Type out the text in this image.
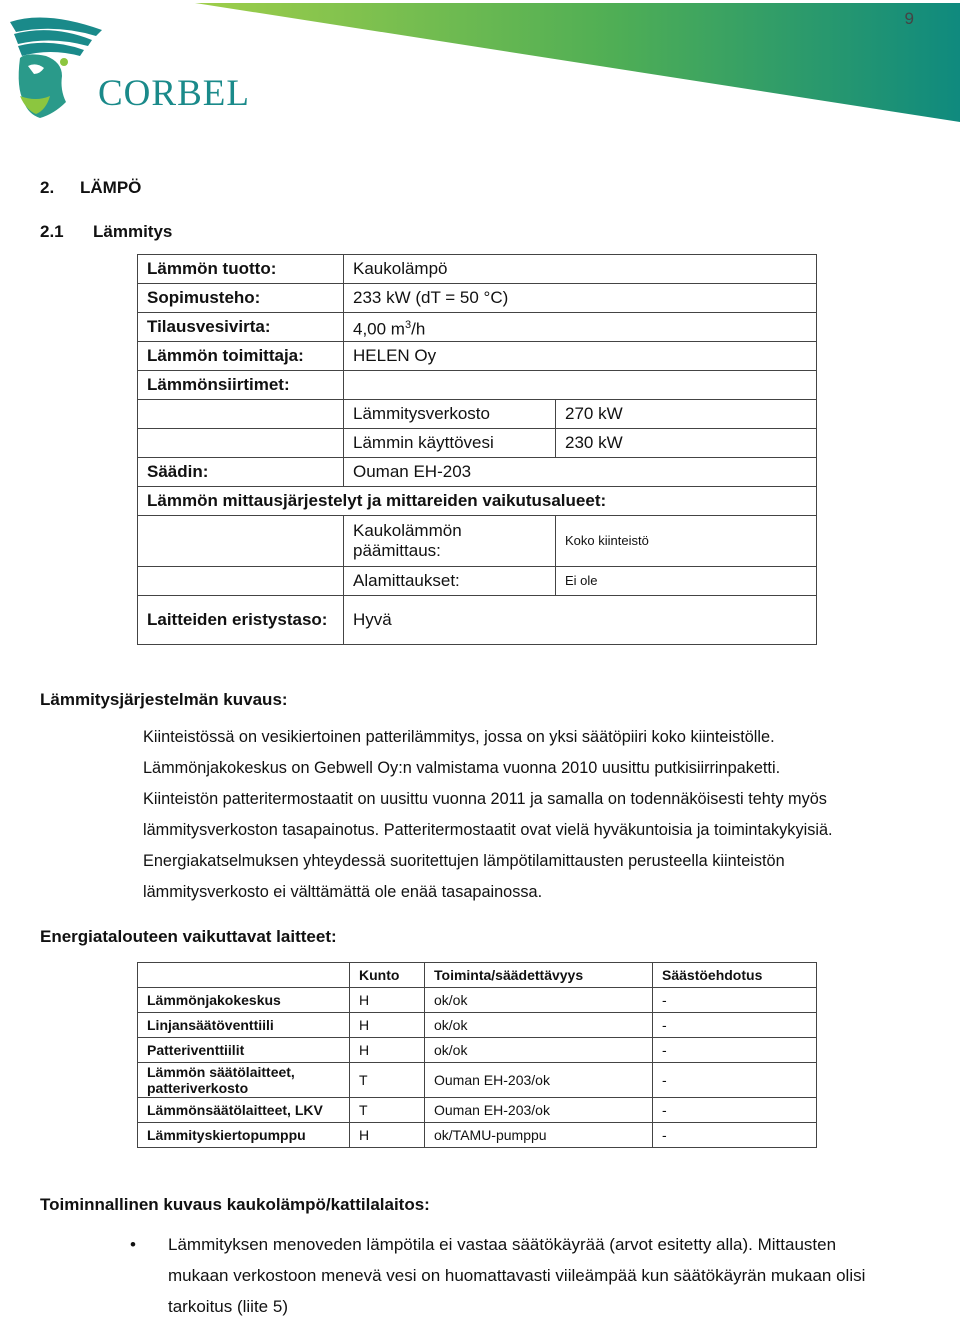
9
CORBEL
2. LÄMPÖ
2.1 Lämmitys
Lämmön tuotto:	Kaukolämpö	
Sopimusteho:	233 kW (dT = 50 °C)	
Tilausvesivirta:	4,00 $m^3/h$	
Lämmön toimittaja:	HELEN Oy	
Lämmönsiirtimet:		
	Lämmitysverkosto	270 kW
	Lämmin käyttövesi	230 kW
Säädin:	Ouman EH-203	
Lämmön mittausjärjestelyt ja mittareiden vaikutusalueet:		
	Kaukolämmön päämittaus:	Koko kiinteistö
	Alamittaukset:	Ei ole
Laitteiden eristystaso:	Hyvä	
Lämmitysjärjestelmän kuvaus:

Kiinteistössä on vesikiertoinen patterilämmitys, jossa on yksi säätöpiiri koko kiinteistölle.

Lämmönjakokeskus on Gebwell Oy:n valmistama vuonna 2010 uusittu putkisiirrinpaketti.

Kiinteistön patteritermostaatit on uusittu vuonna 2011 ja samalla on todennäköisesti tehty myös

lämmitysverkoston tasapainotus. Patteritermostaatit ovat vielä hyväkuntoisia ja toimintakykyisiä.

Energiakatselmuksen yhteydessä suoritettujen lämpötilamittausten perusteella kiinteistön

lämmitysverkosto ei välttämättä ole enää tasapainossa.

Energiatalouteen vaikuttavat laitteet:
	Kunto	Toiminta/säädettävyys	Säästöehdotus
Lämmönjakokeskus	H	ok/ok	-
Linjansäätöventtiili	H	ok/ok	-
Patteriventtiilit	H	ok/ok	-
Lämmön säätölaitteet, patteriverkosto	T	Ouman EH-203/ok	-
Lämmönsäätölaitteet, LKV	T	Ouman EH-203/ok	-
Lämmityskiertopumppu	H	ok/TAMU-pumppu	-
Toiminnallinen kuvaus kaukolämpö/kattilalaitos:
•	Lämmityksen menoveden lämpötila ei vastaa säätökäyrää (arvot esitetty alla). Mittausten
mukaan verkostoon menevä vesi on huomattavasti viileämpää kun säätökäyrän mukaan olisi
tarkoitus (liite 5)
